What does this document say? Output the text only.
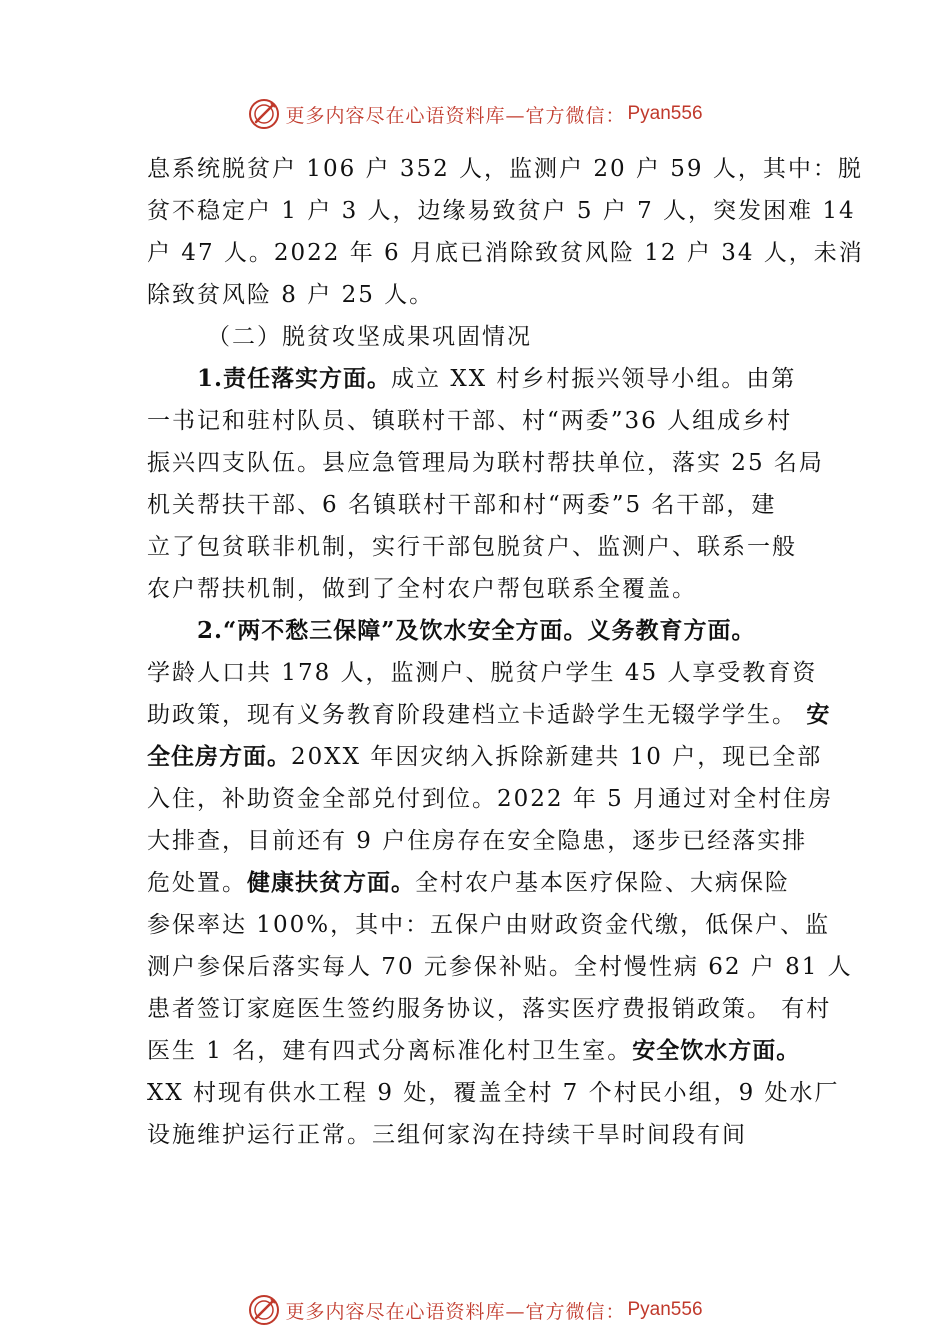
更多内容尽在心语资料库—官方微信： Pyan556
息系统脱贫户 106 户 352 人，监测户 20 户 59 人，其中：脱
贫不稳定户 1 户 3 人，边缘易致贫户 5 户 7 人，突发困难 14
户 47 人。2022 年 6 月底已消除致贫风险 12 户 34 人，未消
除致贫风险 8 户 25 人。
（二）脱贫攻坚成果巩固情况
1.责任落实方面。成立 XX 村乡村振兴领导小组。由第
一书记和驻村队员、镇联村干部、村“两委”36 人组成乡村
振兴四支队伍。县应急管理局为联村帮扶单位，落实 25 名局
机关帮扶干部、6 名镇联村干部和村“两委”5 名干部，建
立了包贫联非机制，实行干部包脱贫户、监测户、联系一般
农户帮扶机制，做到了全村农户帮包联系全覆盖。
2.“两不愁三保障”及饮水安全方面。义务教育方面。
学龄人口共 178 人，监测户、脱贫户学生 45 人享受教育资
助政策，现有义务教育阶段建档立卡适龄学生无辍学学生。 安
全住房方面。20XX 年因灾纳入拆除新建共 10 户，现已全部
入住，补助资金全部兑付到位。2022 年 5 月通过对全村住房
大排查，目前还有 9 户住房存在安全隐患，逐步已经落实排
危处置。健康扶贫方面。全村农户基本医疗保险、大病保险
参保率达 100%，其中：五保户由财政资金代缴，低保户、监
测户参保后落实每人 70 元参保补贴。全村慢性病 62 户 81 人
患者签订家庭医生签约服务协议，落实医疗费报销政策。 有村
医生 1 名，建有四式分离标准化村卫生室。安全饮水方面。
XX 村现有供水工程 9 处，覆盖全村 7 个村民小组，9 处水厂
设施维护运行正常。三组何家沟在持续干旱时间段有间
更多内容尽在心语资料库—官方微信： Pyan556
